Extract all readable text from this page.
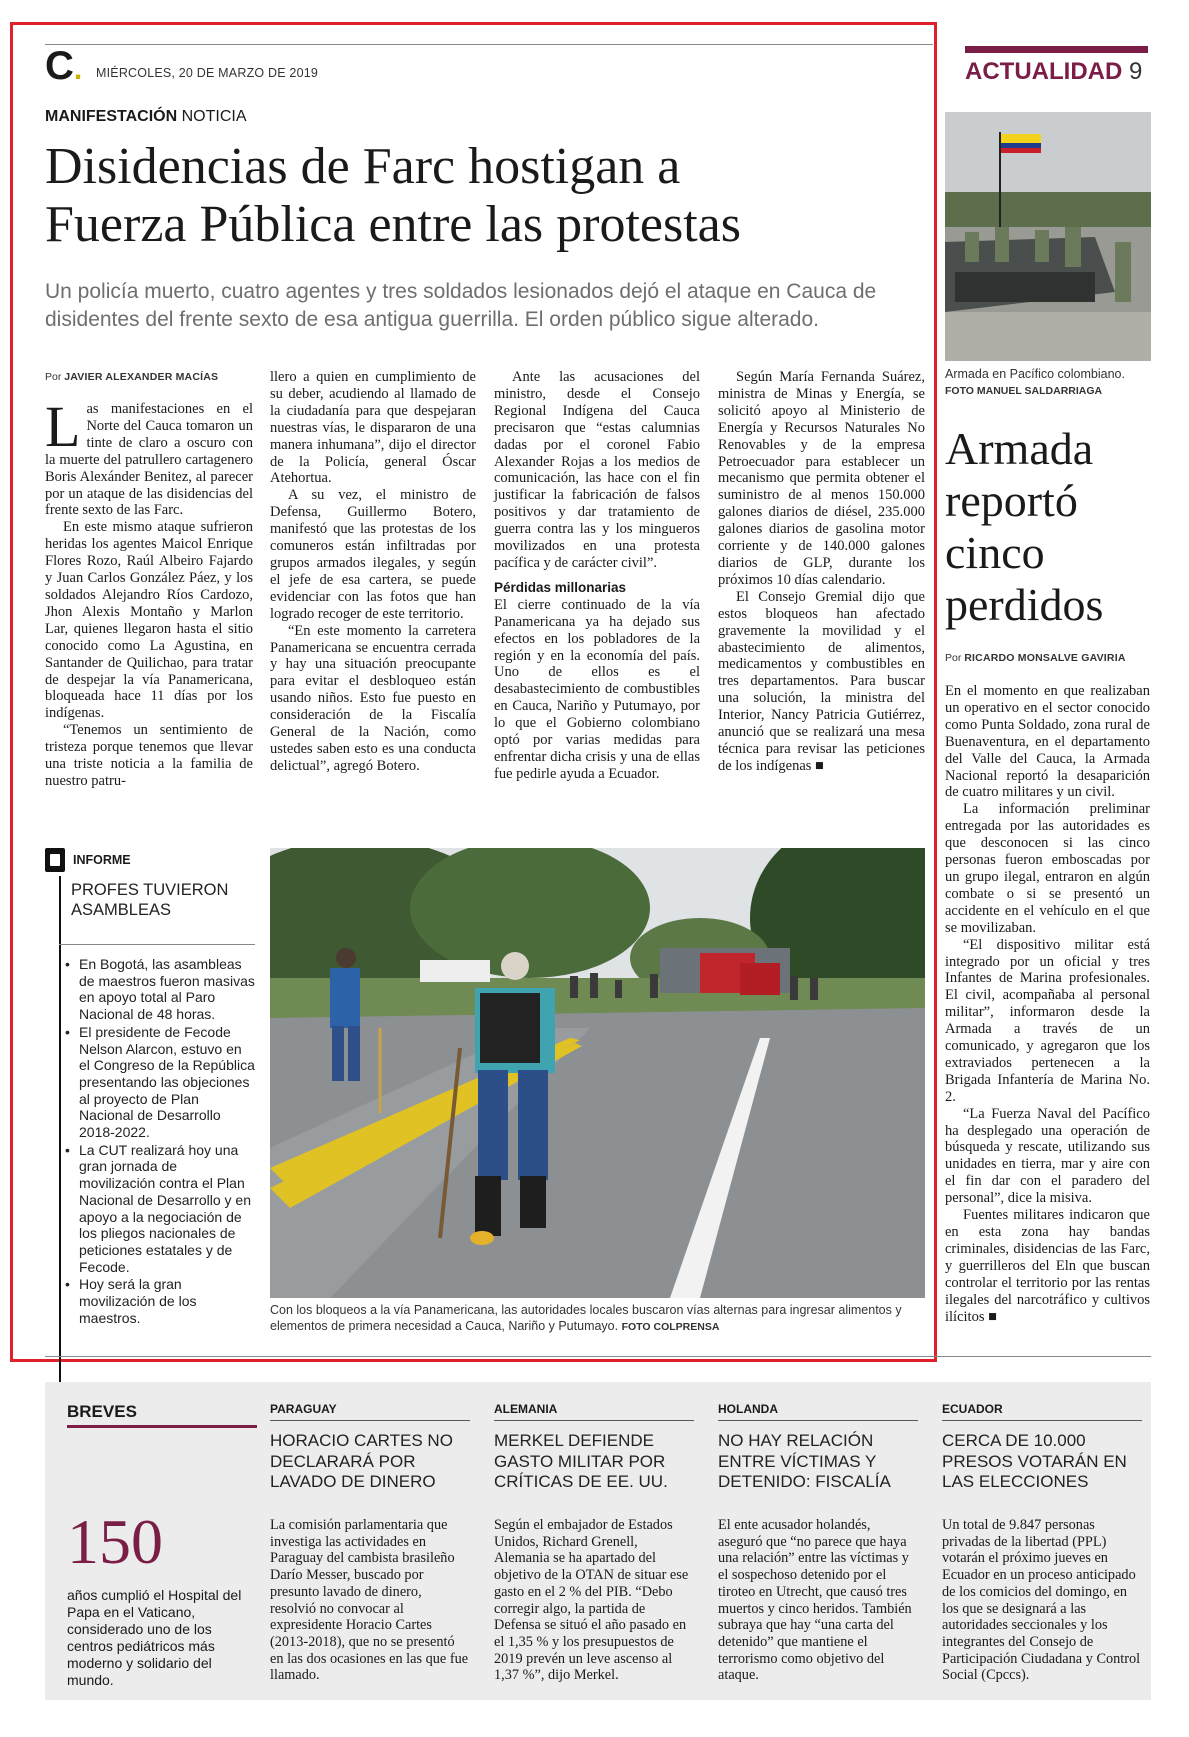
C. MIÉRCOLES, 20 DE MARZO DE 2019	ACTUALIDAD 9
MANIFESTACIÓN NOTICIA
Disidencias de Farc hostigan a
Fuerza Pública entre las protestas
Un policía muerto, cuatro agentes y tres soldados lesionados dejó el ataque en Cauca de disidentes del frente sexto de esa antigua guerrilla. El orden público sigue alterado.
Por JAVIER ALEXANDER MACÍAS

Las manifestaciones en el Norte del Cauca tomaron un tinte de claro a oscuro con la muerte del patrullero cartagenero Boris Alexánder Benitez, al parecer por un ataque de las disidencias del frente sexto de las Farc.

En este mismo ataque sufrieron heridas los agentes Maicol Enrique Flores Rozo, Raúl Albeiro Fajardo y Juan Carlos González Páez, y los soldados Alejandro Ríos Cardozo, Jhon Alexis Montaño y Marlon Lar, quienes llegaron hasta el sitio conocido como La Agustina, en Santander de Quilichao, para tratar de despejar la vía Panamericana, bloqueada hace 11 días por los indígenas.

“Tenemos un sentimiento de tristeza porque tenemos que llevar una triste noticia a la familia de nuestro patru-

llero a quien en cumplimiento de su deber, acudiendo al llamado de la ciudadanía para que despejaran nuestras vías, le dispararon de una manera inhumana”, dijo el director de la Policía, general Óscar Atehortua.

A su vez, el ministro de Defensa, Guillermo Botero, manifestó que las protestas de los comuneros están infiltradas por grupos armados ilegales, y según el jefe de esa cartera, se puede evidenciar con las fotos que han logrado recoger de este territorio.

“En este momento la carretera Panamericana se encuentra cerrada y hay una situación preocupante para evitar el desbloqueo están usando niños. Esto fue puesto en consideración de la Fiscalía General de la Nación, como ustedes saben esto es una conducta delictual”, agregó Botero.

Ante las acusaciones del ministro, desde el Consejo Regional Indígena del Cauca precisaron que “estas calumnias dadas por el coronel Fabio Alexander Rojas a los medios de comunicación, las hace con el fin justificar la fabricación de falsos positivos y dar tratamiento de guerra contra las y los mingueros movilizados en una protesta pacífica y de carácter civil”.

Pérdidas millonarias

El cierre continuado de la vía Panamericana ya ha dejado sus efectos en los pobladores de la región y en la economía del país. Uno de ellos es el desabastecimiento de combustibles en Cauca, Nariño y Putumayo, por lo que el Gobierno colombiano optó por varias medidas para enfrentar dicha crisis y una de ellas fue pedirle ayuda a Ecuador.

Según María Fernanda Suárez, ministra de Minas y Energía, se solicitó apoyo al Ministerio de Energía y Recursos Naturales No Renovables y de la empresa Petroecuador para establecer un mecanismo que permita obtener el suministro de al menos 150.000 galones diarios de diésel, 235.000 galones diarios de gasolina motor corriente y de 140.000 galones diarios de GLP, durante los próximos 10 días calendario.

El Consejo Gremial dijo que estos bloqueos han afectado gravemente la movilidad y el abastecimiento de alimentos, medicamentos y combustibles en tres departamentos. Para buscar una solución, la ministra del Interior, Nancy Patricia Gutiérrez, anunció que se realizará una mesa técnica para revisar las peticiones de los indígenas ■

INFORME
PROFES TUVIERON ASAMBLEAS
• En Bogotá, las asambleas de maestros fueron masivas en apoyo total al Paro Nacional de 48 horas.
• El presidente de Fecode Nelson Alarcon, estuvo en el Congreso de la República presentando las objeciones al proyecto de Plan Nacional de Desarrollo 2018-2022.
• La CUT realizará hoy una gran jornada de movilización contra el Plan Nacional de Desarrollo y en apoyo a la negociación de los pliegos nacionales de peticiones estatales y de Fecode.
• Hoy será la gran movilización de los maestros.	Con los bloqueos a la vía Panamericana, las autoridades locales buscaron vías alternas para ingresar alimentos y elementos de primera necesidad a Cauca, Nariño y Putumayo. FOTO COLPRENSA
Armada en Pacífico colombiano. FOTO MANUEL SALDARRIAGA
Armada
reportó
cinco
perdidos
Por RICARDO MONSALVE GAVIRIA

En el momento en que realizaban un operativo en el sector conocido como Punta Soldado, zona rural de Buenaventura, en el departamento del Valle del Cauca, la Armada Nacional reportó la desaparición de cuatro militares y un civil.

La información preliminar entregada por las autoridades es que desconocen si las cinco personas fueron emboscadas por un grupo ilegal, entraron en algún combate o si se presentó un accidente en el vehículo en el que se movilizaban.

“El dispositivo militar está integrado por un oficial y tres Infantes de Marina profesionales. El civil, acompañaba al personal militar”, informaron desde la Armada a través de un comunicado, y agregaron que los extraviados pertenecen a la Brigada Infantería de Marina No. 2.

“La Fuerza Naval del Pacífico ha desplegado una operación de búsqueda y rescate, utilizando sus unidades en tierra, mar y aire con el fin dar con el paradero del personal”, dice la misiva.

Fuentes militares indicaron que en esta zona hay bandas criminales, disidencias de las Farc, y guerrilleros del Eln que buscan controlar el territorio por las rentas ilegales del narcotráfico y cultivos ilícitos ■

BREVES
150
años cumplió el Hospital del Papa en el Vaticano, considerado uno de los centros pediátricos más moderno y solidario del mundo.
PARAGUAY
HORACIO CARTES NO DECLARARÁ POR LAVADO DE DINERO
La comisión parlamentaria que investiga las actividades en Paraguay del cambista brasileño Darío Messer, buscado por presunto lavado de dinero, resolvió no convocar al expresidente Horacio Cartes (2013-2018), que no se presentó en las dos ocasiones en las que fue llamado.
ALEMANIA
MERKEL DEFIENDE GASTO MILITAR POR CRÍTICAS DE EE. UU.
Según el embajador de Estados Unidos, Richard Grenell, Alemania se ha apartado del objetivo de la OTAN de situar ese gasto en el 2 % del PIB. “Debo corregir algo, la partida de Defensa se situó el año pasado en el 1,35 % y los presupuestos de 2019 prevén un leve ascenso al 1,37 %”, dijo Merkel.
HOLANDA
NO HAY RELACIÓN ENTRE VÍCTIMAS Y DETENIDO: FISCALÍA
El ente acusador holandés, aseguró que “no parece que haya una relación” entre las víctimas y el sospechoso detenido por el tiroteo en Utrecht, que causó tres muertos y cinco heridos. También subraya que hay “una carta del detenido” que mantiene el terrorismo como objetivo del ataque.
ECUADOR
CERCA DE 10.000 PRESOS VOTARÁN EN LAS ELECCIONES
Un total de 9.847 personas privadas de la libertad (PPL) votarán el próximo jueves en Ecuador en un proceso anticipado de los comicios del domingo, en los que se designará a las autoridades seccionales y los integrantes del Consejo de Participación Ciudadana y Control Social (Cpccs).
